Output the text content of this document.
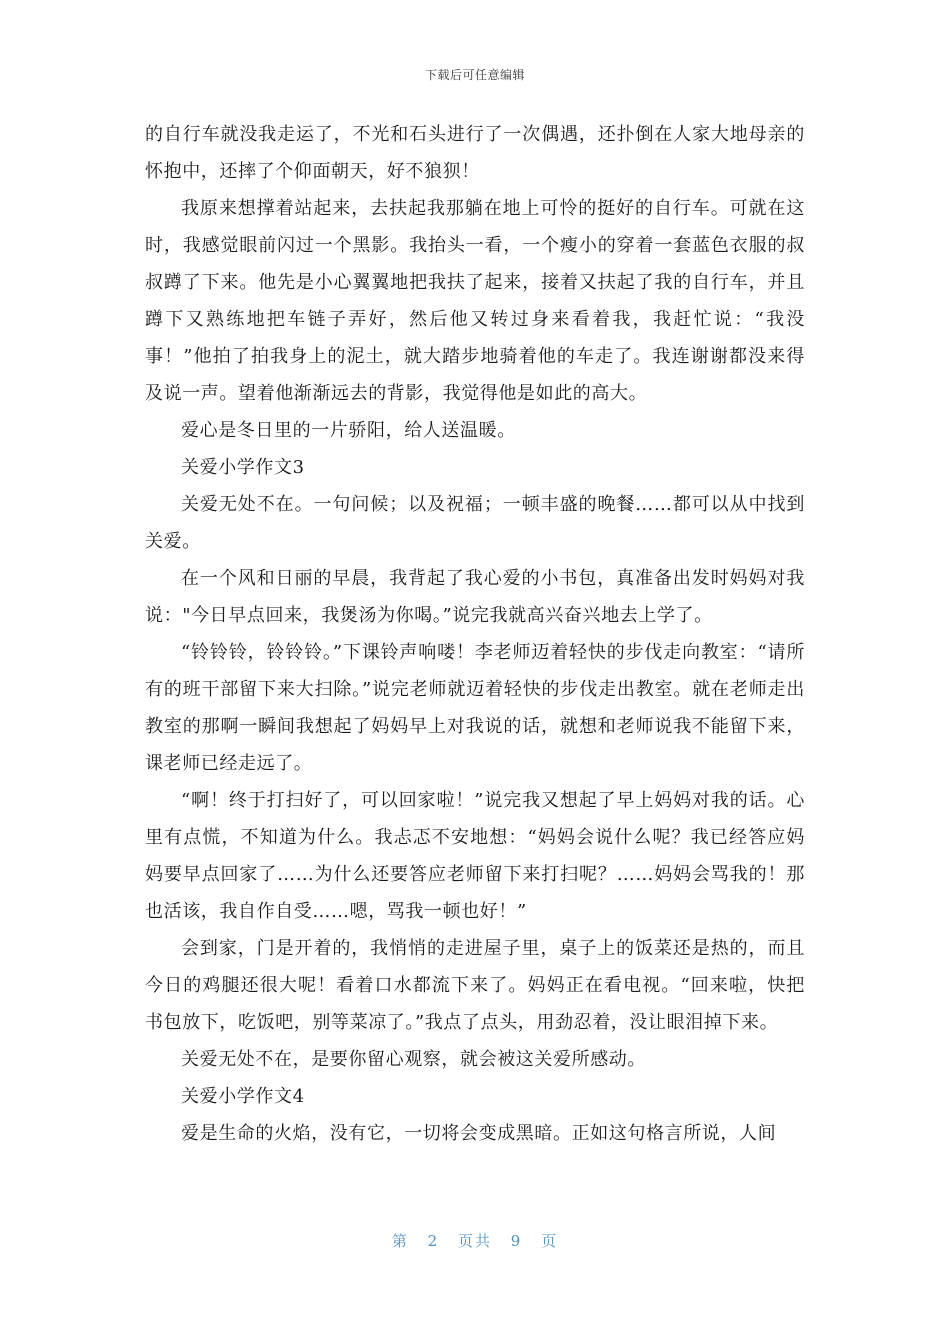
下载后可任意编辑

的自行车就没我走运了，不光和石头进行了一次偶遇，还扑倒在人家大地母亲的怀抱中，还摔了个仰面朝天，好不狼狈！

我原来想撑着站起来，去扶起我那躺在地上可怜的挺好的自行车。可就在这时，我感觉眼前闪过一个黑影。我抬头一看，一个瘦小的穿着一套蓝色衣服的叔叔蹲了下来。他先是小心翼翼地把我扶了起来，接着又扶起了我的自行车，并且蹲下又熟练地把车链子弄好，然后他又转过身来看着我，我赶忙说：“我没事！”他拍了拍我身上的泥土，就大踏步地骑着他的车走了。我连谢谢都没来得及说一声。望着他渐渐远去的背影，我觉得他是如此的高大。

爱心是冬日里的一片骄阳，给人送温暖。

关爱小学作文3

关爱无处不在。一句问候；以及祝福；一顿丰盛的晚餐……都可以从中找到关爱。

在一个风和日丽的早晨，我背起了我心爱的小书包，真准备出发时妈妈对我说："今日早点回来，我煲汤为你喝。”说完我就高兴奋兴地去上学了。

“铃铃铃，铃铃铃。”下课铃声响喽！李老师迈着轻快的步伐走向教室：“请所有的班干部留下来大扫除。”说完老师就迈着轻快的步伐走出教室。就在老师走出教室的那啊一瞬间我想起了妈妈早上对我说的话，就想和老师说我不能留下来，课老师已经走远了。

“啊！终于打扫好了，可以回家啦！”说完我又想起了早上妈妈对我的话。心里有点慌，不知道为什么。我忐忑不安地想：“妈妈会说什么呢？我已经答应妈妈要早点回家了……为什么还要答应老师留下来打扫呢？……妈妈会骂我的！那也活该，我自作自受……嗯，骂我一顿也好！”

会到家，门是开着的，我悄悄的走进屋子里，桌子上的饭菜还是热的，而且今日的鸡腿还很大呢！看着口水都流下来了。妈妈正在看电视。“回来啦，快把书包放下，吃饭吧，别等菜凉了。”我点了点头，用劲忍着，没让眼泪掉下来。

关爱无处不在，是要你留心观察，就会被这关爱所感动。

关爱小学作文4

爱是生命的火焰，没有它，一切将会变成黑暗。正如这句格言所说，人间

第 2 页共 9 页
